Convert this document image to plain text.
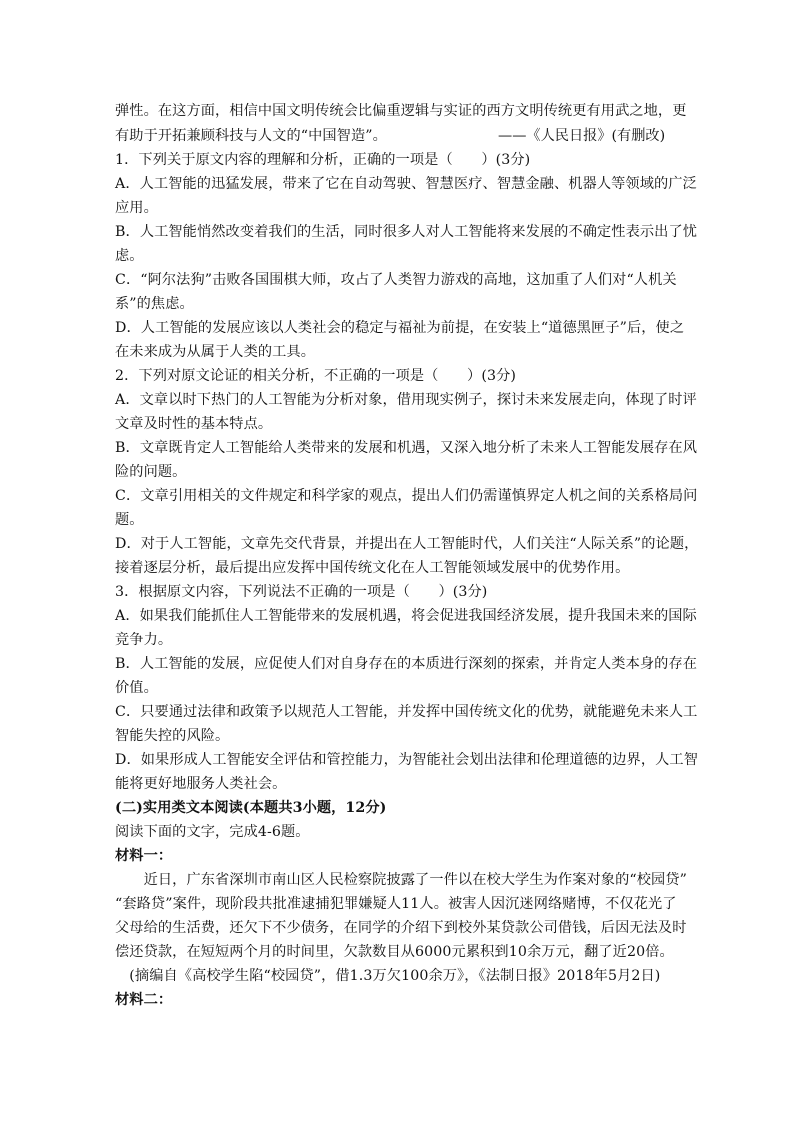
弹性。在这方面，相信中国文明传统会比偏重逻辑与实证的西方文明传统更有用武之地，更
有助于开拓兼顾科技与人文的“中国智造”。	——《人民日报》(有删改)
1．下列关于原文内容的理解和分析，正确的一项是（　　）(3分)
A．人工智能的迅猛发展，带来了它在自动驾驶、智慧医疗、智慧金融、机器人等领域的广泛
应用。
B．人工智能悄然改变着我们的生活，同时很多人对人工智能将来发展的不确定性表示出了忧
虑。
C．“阿尔法狗”击败各国围棋大师，攻占了人类智力游戏的高地，这加重了人们对“人机关
系”的焦虑。
D．人工智能的发展应该以人类社会的稳定与福祉为前提，在安装上“道德黑匣子”后，使之
在未来成为从属于人类的工具。
2．下列对原文论证的相关分析，不正确的一项是（　　）(3分)
A．文章以时下热门的人工智能为分析对象，借用现实例子，探讨未来发展走向，体现了时评
文章及时性的基本特点。
B．文章既肯定人工智能给人类带来的发展和机遇，又深入地分析了未来人工智能发展存在风
险的问题。
C．文章引用相关的文件规定和科学家的观点，提出人们仍需谨慎界定人机之间的关系格局问
题。
D．对于人工智能，文章先交代背景，并提出在人工智能时代，人们关注“人际关系”的论题，
接着逐层分析，最后提出应发挥中国传统文化在人工智能领域发展中的优势作用。
3．根据原文内容，下列说法不正确的一项是（　　）(3分)
A．如果我们能抓住人工智能带来的发展机遇，将会促进我国经济发展，提升我国未来的国际
竞争力。
B．人工智能的发展，应促使人们对自身存在的本质进行深刻的探索，并肯定人类本身的存在
价值。
C．只要通过法律和政策予以规范人工智能，并发挥中国传统文化的优势，就能避免未来人工
智能失控的风险。
D．如果形成人工智能安全评估和管控能力，为智能社会划出法律和伦理道德的边界，人工智
能将更好地服务人类社会。
(二)实用类文本阅读(本题共3小题，12分)
阅读下面的文字，完成4-6题。
材料一：
　　近日，广东省深圳市南山区人民检察院披露了一件以在校大学生为作案对象的“校园贷”
“套路贷”案件，现阶段共批准逮捕犯罪嫌疑人11人。被害人因沉迷网络赌博，不仅花光了
父母给的生活费，还欠下不少债务，在同学的介绍下到校外某贷款公司借钱，后因无法及时
偿还贷款，在短短两个月的时间里，欠款数目从6000元累积到10余万元，翻了近20倍。
　(摘编自《高校学生陷“校园贷”，借1.3万欠100余万》，《法制日报》2018年5月2日)
材料二：
